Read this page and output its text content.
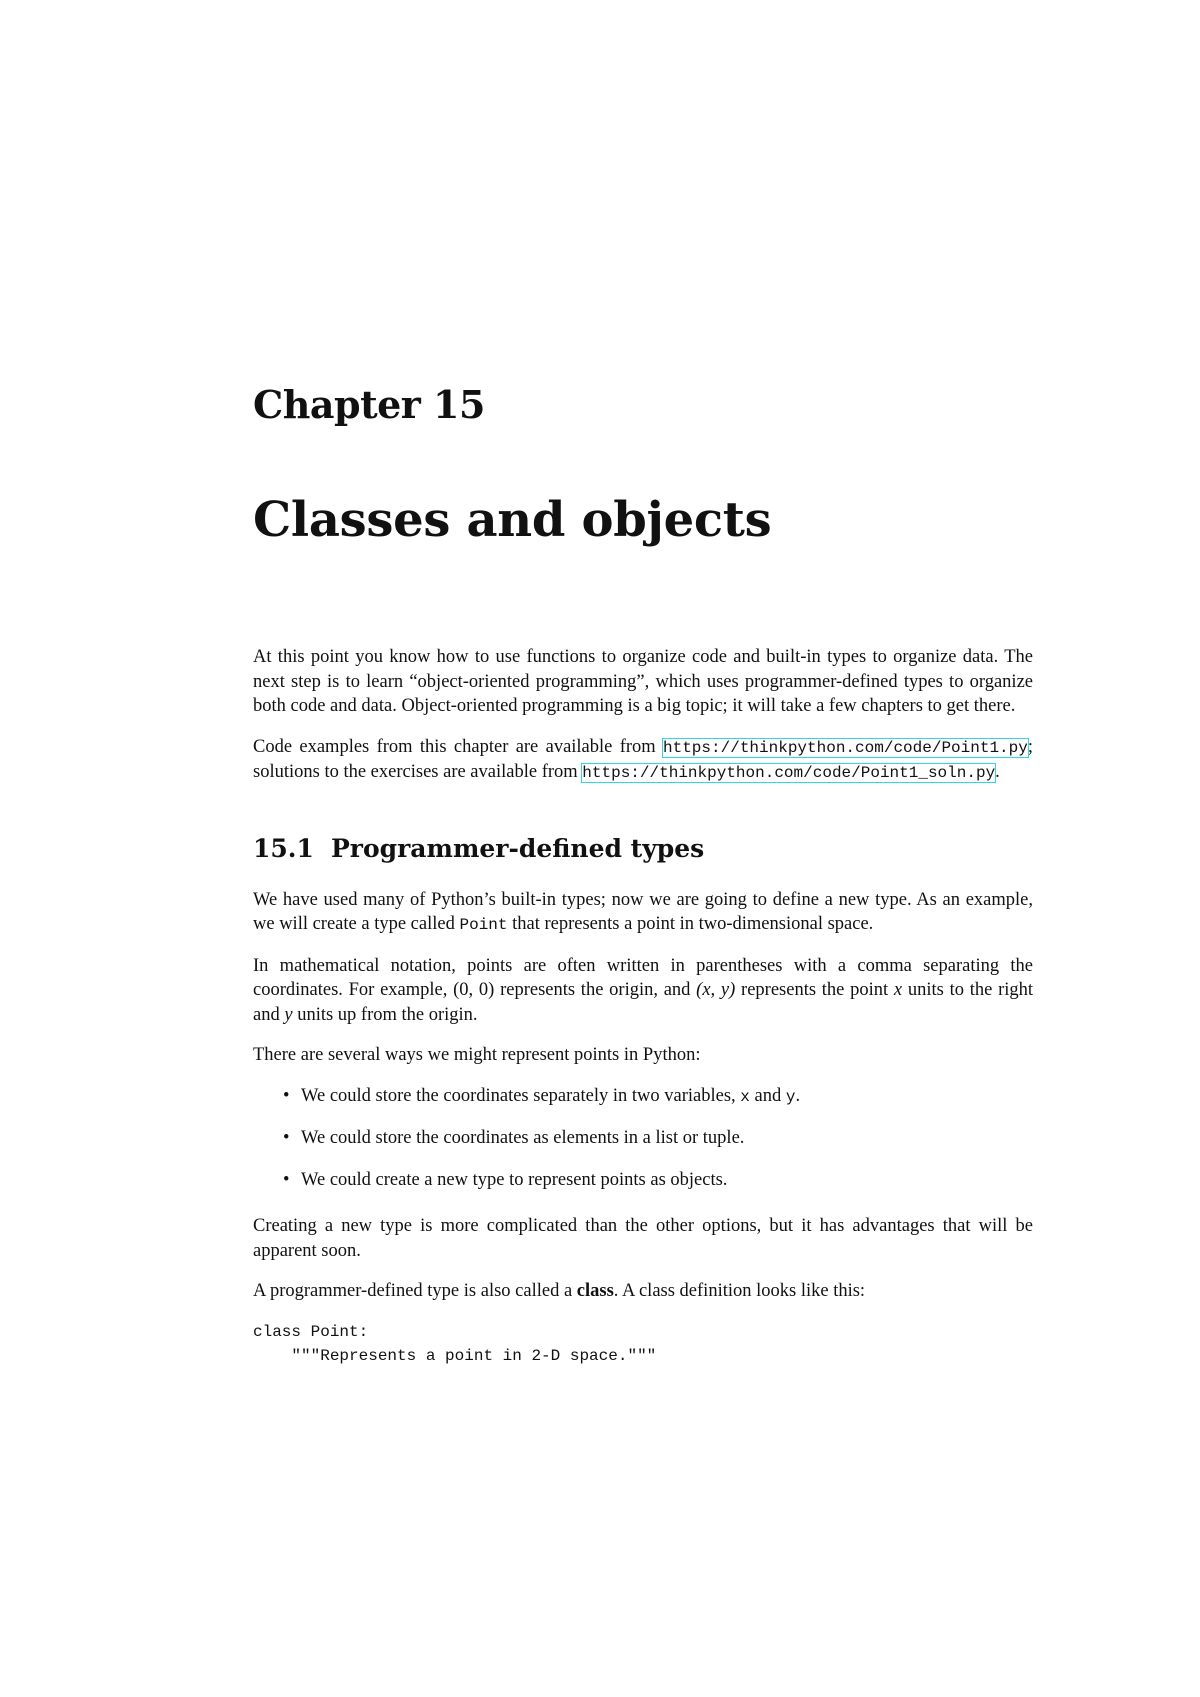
Chapter 15
Classes and objects

At this point you know how to use functions to organize code and built-in types to organize data. The next step is to learn “object-oriented programming”, which uses programmer-defined types to organize both code and data. Object-oriented programming is a big topic; it will take a few chapters to get there.

Code examples from this chapter are available from https://thinkpython.com/code/Point1.py; solutions to the exercises are available from https://thinkpython.com/code/Point1_soln.py.

15.1 Programmer-defined types

We have used many of Python’s built-in types; now we are going to define a new type. As an example, we will create a type called Point that represents a point in two-dimensional space.

In mathematical notation, points are often written in parentheses with a comma separating the coordinates. For example, (0, 0) represents the origin, and (x, y) represents the point x units to the right and y units up from the origin.

There are several ways we might represent points in Python:

• We could store the coordinates separately in two variables, x and y.
• We could store the coordinates as elements in a list or tuple.
• We could create a new type to represent points as objects.

Creating a new type is more complicated than the other options, but it has advantages that will be apparent soon.

A programmer-defined type is also called a class. A class definition looks like this:

class Point:
"""Represents a point in 2-D space."""
